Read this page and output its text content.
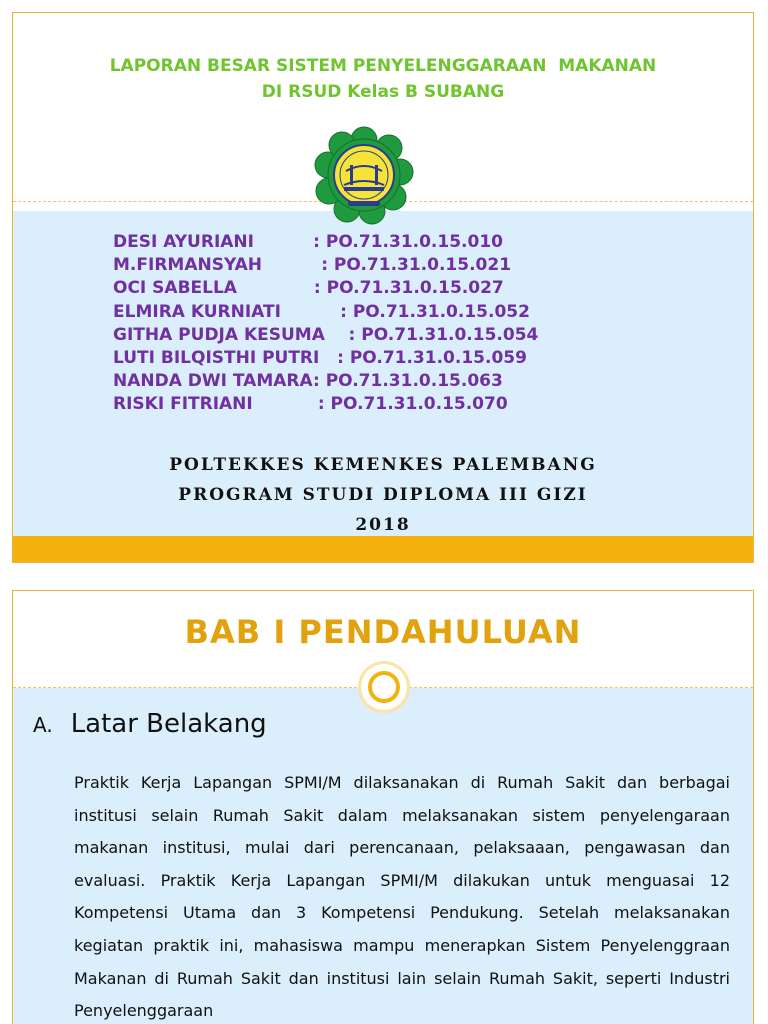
LAPORAN BESAR SISTEM PENYELENGGARAAN  MAKANAN
DI RSUD Kelas B SUBANG
DESI AYURIANI          : PO.71.31.0.15.010
M.FIRMANSYAH          : PO.71.31.0.15.021
OCI SABELLA             : PO.71.31.0.15.027
ELMIRA KURNIATI          : PO.71.31.0.15.052
GITHA PUDJA KESUMA    : PO.71.31.0.15.054
LUTI BILQISTHI PUTRI   : PO.71.31.0.15.059
NANDA DWI TAMARA: PO.71.31.0.15.063
RISKI FITRIANI           : PO.71.31.0.15.070
POLTEKKES KEMENKES PALEMBANG
PROGRAM STUDI DIPLOMA III GIZI
2018
BAB I PENDAHULUAN
A. Latar Belakang
Praktik Kerja Lapangan SPMI/M dilaksanakan di Rumah Sakit dan berbagai institusi selain Rumah Sakit dalam melaksanakan sistem penyelengaraan makanan institusi, mulai dari perencanaan, pelaksaaan, pengawasan dan evaluasi. Praktik Kerja Lapangan SPMI/M dilakukan untuk menguasai 12 Kompetensi Utama dan 3 Kompetensi Pendukung. Setelah melaksanakan kegiatan praktik ini, mahasiswa mampu menerapkan Sistem Penyelenggraan Makanan di Rumah Sakit dan institusi lain selain Rumah Sakit, seperti Industri Penyelenggaraan
